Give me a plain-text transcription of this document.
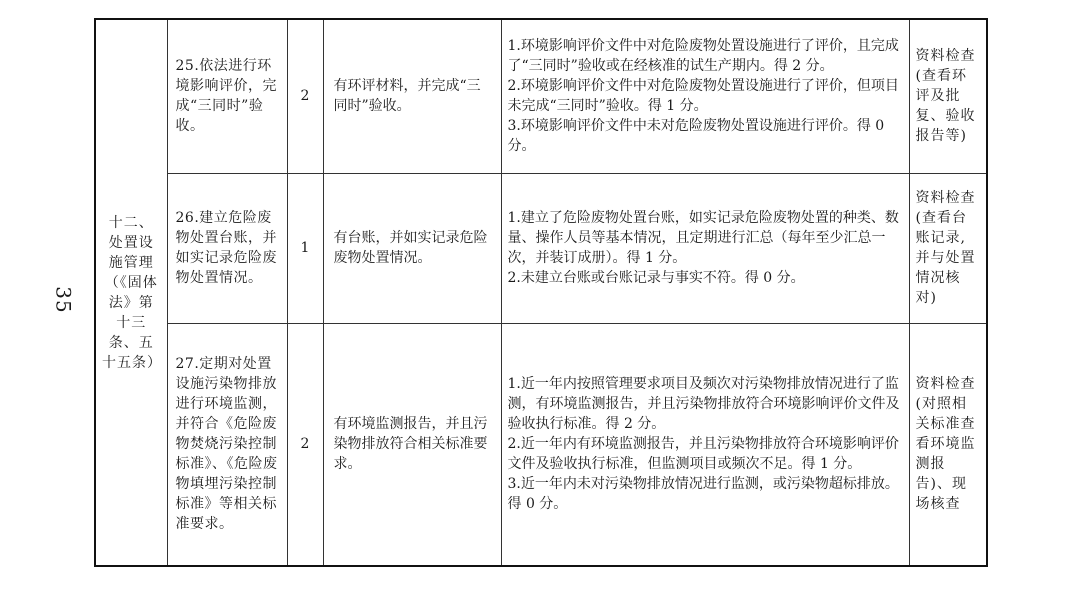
35
十二、处置设施管理（《固体法》第十三条、五十五条）	25.依法进行环境影响评价，完成“三同时”验收。	2	有环评材料，并完成“三同时”验收。	1.环境影响评价文件中对危险废物处置设施进行了评价，且完成了“三同时”验收或在经核准的试生产期内。得 2 分。
2.环境影响评价文件中对危险废物处置设施进行了评价，但项目未完成“三同时”验收。得 1 分。
3.环境影响评价文件中未对危险废物处置设施进行评价。得 0 分。	资料检查(查看环评及批复、验收报告等)
	26.建立危险废物处置台账，并如实记录危险废物处置情况。	1	有台账，并如实记录危险废物处置情况。	1.建立了危险废物处置台账，如实记录危险废物处置的种类、数量、操作人员等基本情况，且定期进行汇总（每年至少汇总一次，并装订成册）。得 1 分。
2.未建立台账或台账记录与事实不符。得 0 分。	资料检查(查看台账记录,并与处置情况核对)
	27.定期对处置设施污染物排放进行环境监测，并符合《危险废物焚烧污染控制标准》、《危险废物填埋污染控制标准》等相关标准要求。	2	有环境监测报告，并且污染物排放符合相关标准要求。	1.近一年内按照管理要求项目及频次对污染物排放情况进行了监测，有环境监测报告，并且污染物排放符合环境影响评价文件及验收执行标准。得 2 分。
2.近一年内有环境监测报告，并且污染物排放符合环境影响评价文件及验收执行标准，但监测项目或频次不足。得 1 分。
3.近一年内未对污染物排放情况进行监测，或污染物超标排放。得 0 分。	资料检查(对照相关标准查看环境监测报告)、现场核查
